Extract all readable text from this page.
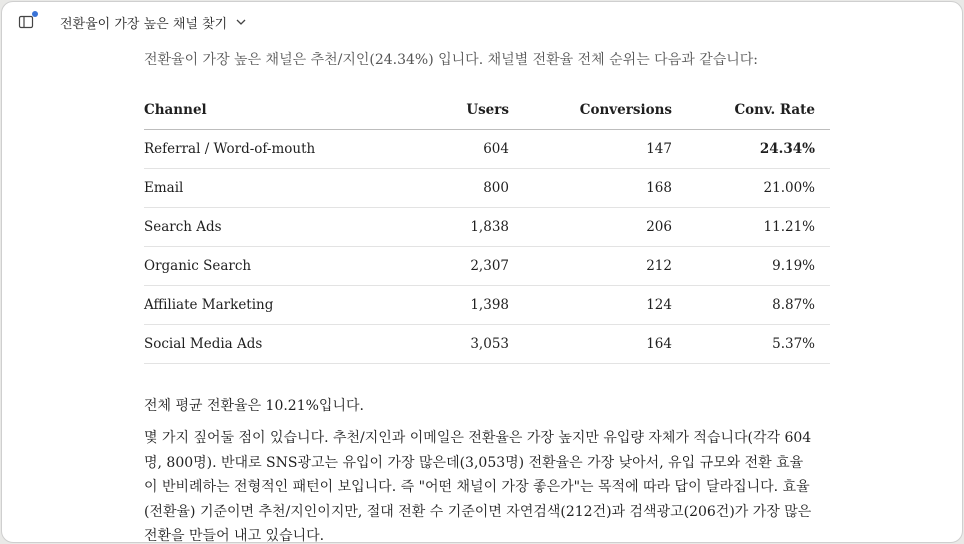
전환율이 가장 높은 채널 찾기

전환율이 가장 높은 채널은 추천/지인(24.34%) 입니다. 채널별 전환율 전체 순위는 다음과 같습니다:

Channel	Users	Conversions	Conv. Rate
Referral / Word-of-mouth	604	147	24.34%
Email	800	168	21.00%
Search Ads	1,838	206	11.21%
Organic Search	2,307	212	9.19%
Affiliate Marketing	1,398	124	8.87%
Social Media Ads	3,053	164	5.37%

전체 평균 전환율은 10.21%입니다.

몇 가지 짚어둘 점이 있습니다. 추천/지인과 이메일은 전환율은 가장 높지만 유입량 자체가 적습니다(각각 604명, 800명). 반대로 SNS광고는 유입이 가장 많은데(3,053명) 전환율은 가장 낮아서, 유입 규모와 전환 효율이 반비례하는 전형적인 패턴이 보입니다. 즉 "어떤 채널이 가장 좋은가"는 목적에 따라 답이 달라집니다. 효율(전환율) 기준이면 추천/지인이지만, 절대 전환 수 기준이면 자연검색(212건)과 검색광고(206건)가 가장 많은 전환을 만들어 내고 있습니다.
